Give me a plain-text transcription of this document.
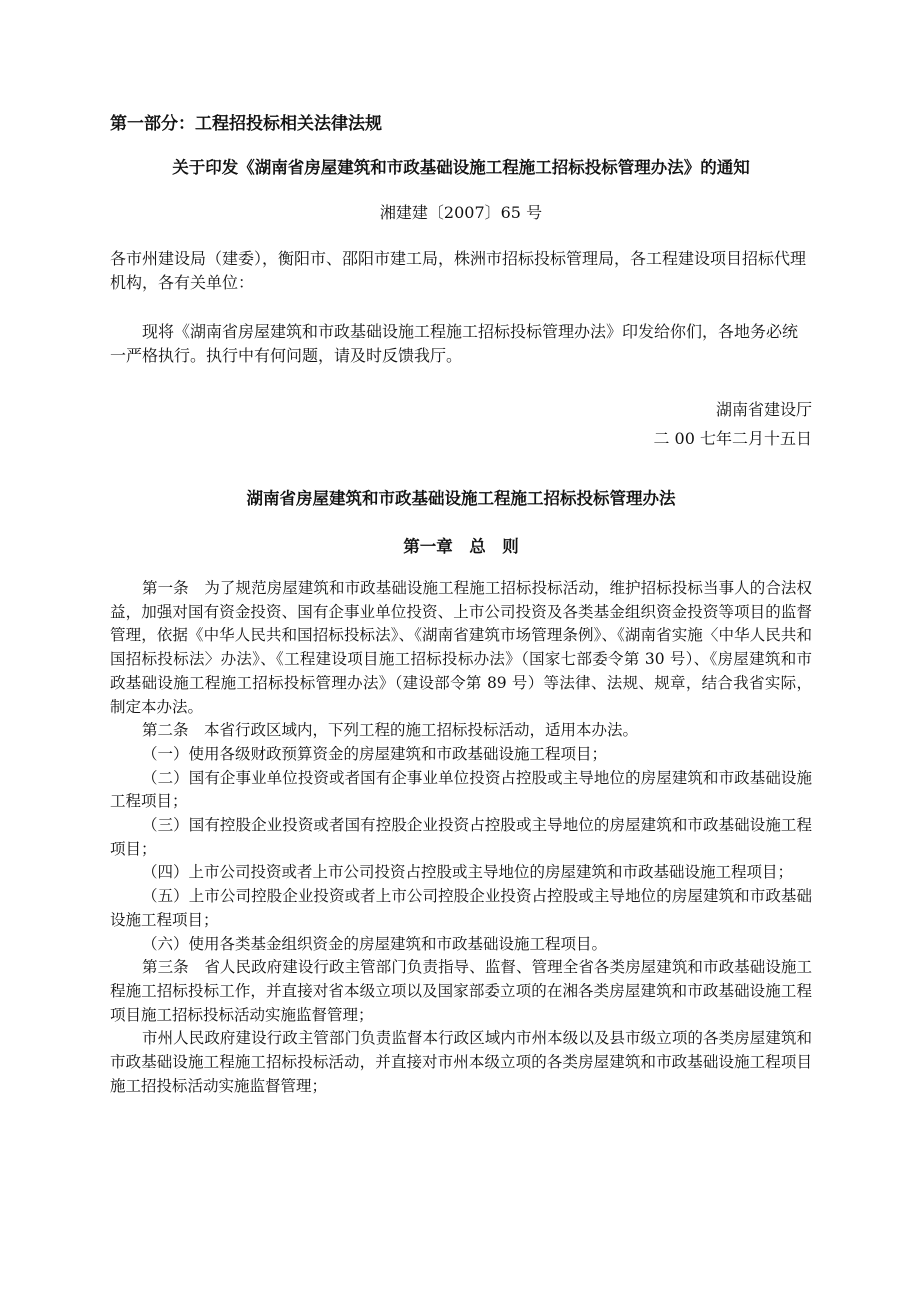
第一部分：工程招投标相关法律法规
关于印发《湖南省房屋建筑和市政基础设施工程施工招标投标管理办法》的通知
湘建建〔2007〕65 号

各市州建设局（建委），衡阳市、邵阳市建工局，株洲市招标投标管理局，各工程建设项目招标代理机构，各有关单位：

现将《湖南省房屋建筑和市政基础设施工程施工招标投标管理办法》印发给你们，各地务必统一严格执行。执行中有何问题，请及时反馈我厅。

湖南省建设厅
二 00 七年二月十五日
湖南省房屋建筑和市政基础设施工程施工招标投标管理办法
第一章　总　则

第一条　为了规范房屋建筑和市政基础设施工程施工招标投标活动，维护招标投标当事人的合法权益，加强对国有资金投资、国有企事业单位投资、上市公司投资及各类基金组织资金投资等项目的监督管理，依据《中华人民共和国招标投标法》、《湖南省建筑市场管理条例》、《湖南省实施〈中华人民共和国招标投标法〉办法》、《工程建设项目施工招标投标办法》（国家七部委令第 30 号）、《房屋建筑和市政基础设施工程施工招标投标管理办法》（建设部令第 89 号）等法律、法规、规章，结合我省实际，制定本办法。

第二条　本省行政区域内，下列工程的施工招标投标活动，适用本办法。

（一）使用各级财政预算资金的房屋建筑和市政基础设施工程项目；

（二）国有企事业单位投资或者国有企事业单位投资占控股或主导地位的房屋建筑和市政基础设施工程项目；

（三）国有控股企业投资或者国有控股企业投资占控股或主导地位的房屋建筑和市政基础设施工程项目；

（四）上市公司投资或者上市公司投资占控股或主导地位的房屋建筑和市政基础设施工程项目；

（五）上市公司控股企业投资或者上市公司控股企业投资占控股或主导地位的房屋建筑和市政基础设施工程项目；

（六）使用各类基金组织资金的房屋建筑和市政基础设施工程项目。

第三条　省人民政府建设行政主管部门负责指导、监督、管理全省各类房屋建筑和市政基础设施工程施工招标投标工作，并直接对省本级立项以及国家部委立项的在湘各类房屋建筑和市政基础设施工程项目施工招标投标活动实施监督管理；

市州人民政府建设行政主管部门负责监督本行政区域内市州本级以及县市级立项的各类房屋建筑和市政基础设施工程施工招标投标活动，并直接对市州本级立项的各类房屋建筑和市政基础设施工程项目施工招投标活动实施监督管理；
